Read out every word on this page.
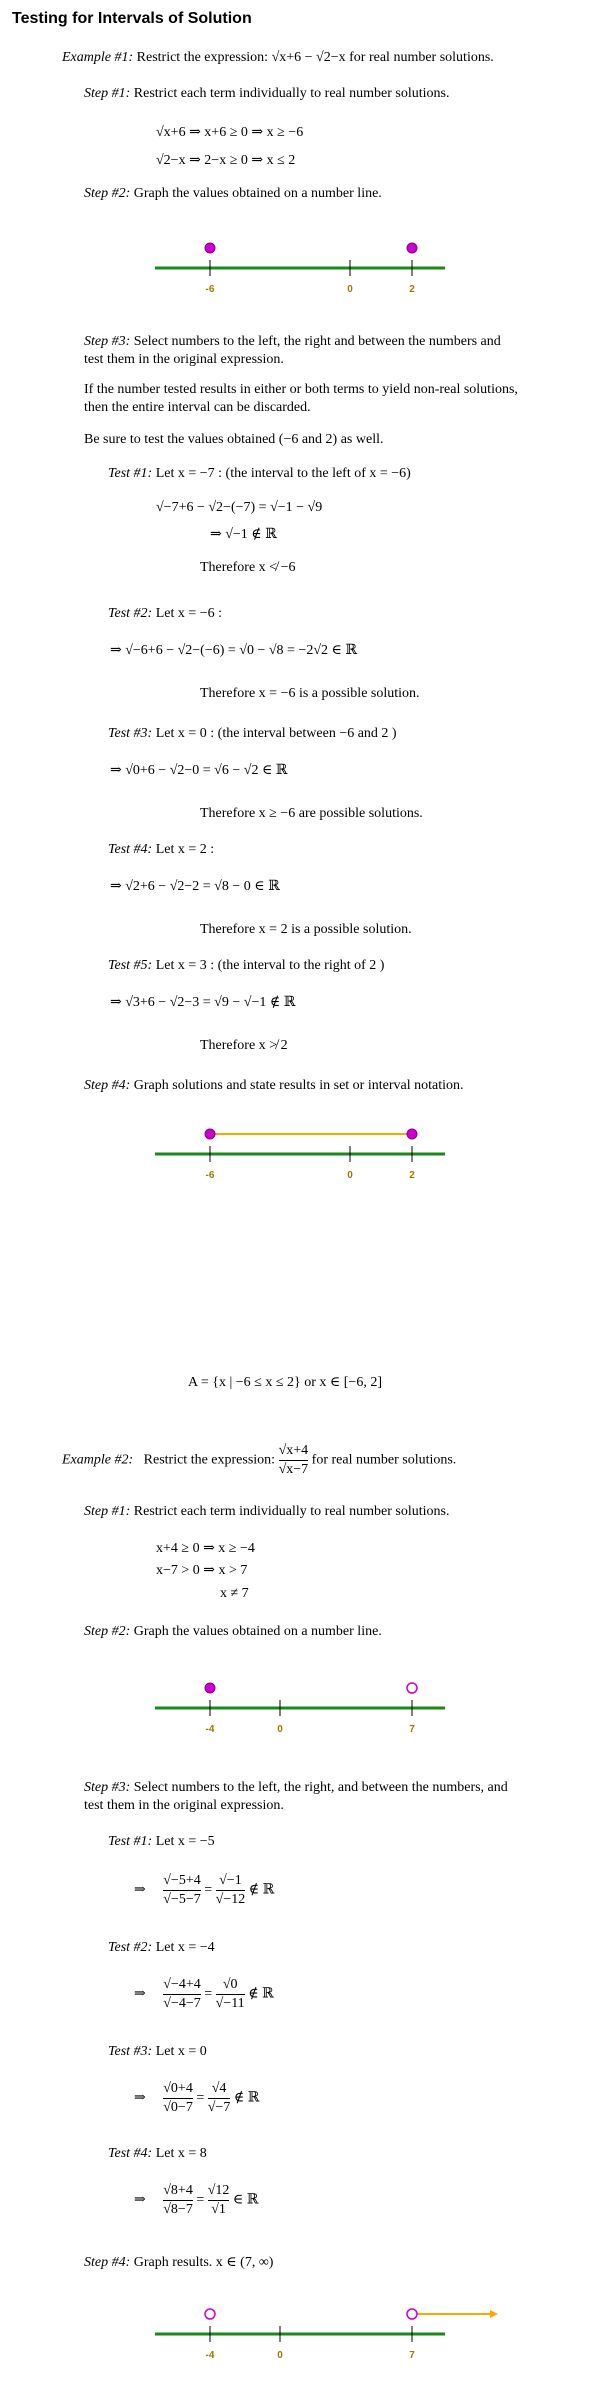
Testing for Intervals of Solution
Example #1: Restrict the expression: √x+6 − √2−x for real number solutions.
Step #1: Restrict each term individually to real number solutions.
√x+6 ⇒ x+6 ≥ 0 ⇒ x ≥ −6
√2−x ⇒ 2−x ≥ 0 ⇒ x ≤ 2
Step #2: Graph the values obtained on a number line.
-6	0	2
Step #3: Select numbers to the left, the right and between the numbers and
test them in the original expression.
If the number tested results in either or both terms to yield non-real solutions,
then the entire interval can be discarded.
Be sure to test the values obtained (−6 and 2) as well.
Test #1: Let x = −7 : (the interval to the left of x = −6)
√−7+6 − √2−(−7) = √−1 − √9
⇒ √−1 ∉ ℝ
Therefore x ≮ −6
Test #2: Let x = −6 :
⇒ √−6+6 − √2−(−6) = √0 − √8 = −2√2 ∈ ℝ
Therefore x = −6 is a possible solution.
Test #3: Let x = 0 : (the interval between −6 and 2 )
⇒ √0+6 − √2−0 = √6 − √2 ∈ ℝ
Therefore x ≥ −6 are possible solutions.
Test #4: Let x = 2 :
⇒ √2+6 − √2−2 = √8 − 0 ∈ ℝ
Therefore x = 2 is a possible solution.
Test #5: Let x = 3 : (the interval to the right of 2 )
⇒ √3+6 − √2−3 = √9 − √−1 ∉ ℝ
Therefore x ≯ 2
Step #4: Graph solutions and state results in set or interval notation.
-6	0	2
A = {x | −6 ≤ x ≤ 2} or x ∈ [−6, 2]
Example #2: Restrict the expression: $\frac{√x+4}{√x-7}$ for real number solutions.
Step #1: Restrict each term individually to real number solutions.
x+4 ≥ 0 ⇒ x ≥ −4
x−7 > 0 ⇒ x > 7
x ≠ 7
Step #2: Graph the values obtained on a number line.
-4	0	7
Step #3: Select numbers to the left, the right, and between the numbers, and
test them in the original expression.
Test #1: Let x = −5
⇒ $\frac{√-5+4}{√-5-7} = \frac{√-1}{√-12}$ ∉ ℝ
Test #2: Let x = −4
⇒ $\frac{√-4+4}{√-4-7} = \frac{√0}{√-11}$ ∉ ℝ
Test #3: Let x = 0
⇒ $\frac{√0+4}{√0-7} = \frac{√4}{√-7}$ ∉ ℝ
Test #4: Let x = 8
⇒ $\frac{√8+4}{√8-7} = \frac{√12}{√1}$ ∈ ℝ
Step #4: Graph results. x ∈ (7, ∞)
-4	0	7
